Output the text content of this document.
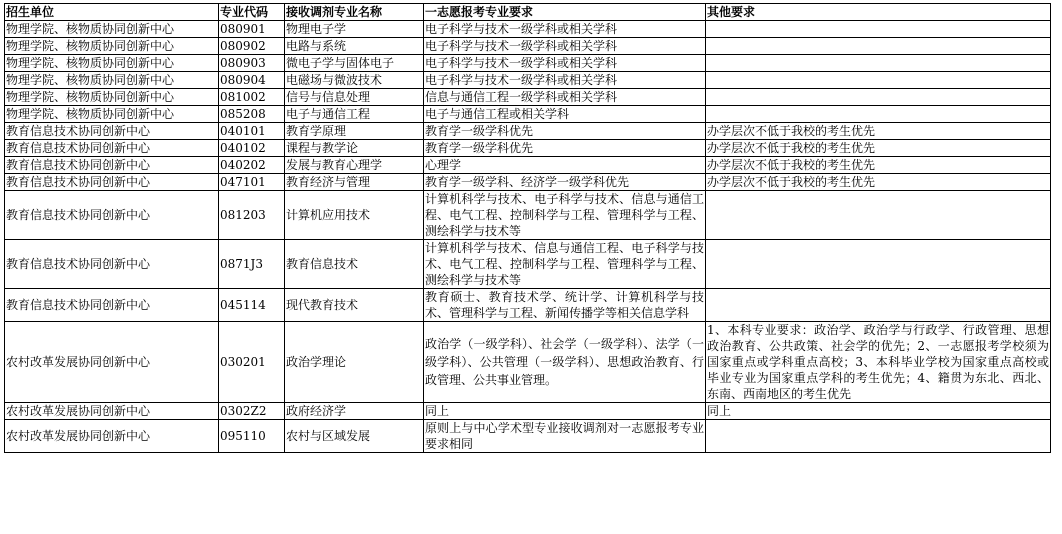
招生单位	专业代码	接收调剂专业名称	一志愿报考专业要求	其他要求
物理学院、核物质协同创新中心	080901	物理电子学	电子科学与技术一级学科或相关学科	
物理学院、核物质协同创新中心	080902	电路与系统	电子科学与技术一级学科或相关学科	
物理学院、核物质协同创新中心	080903	微电子学与固体电子	电子科学与技术一级学科或相关学科	
物理学院、核物质协同创新中心	080904	电磁场与微波技术	电子科学与技术一级学科或相关学科	
物理学院、核物质协同创新中心	081002	信号与信息处理	信息与通信工程一级学科或相关学科	
物理学院、核物质协同创新中心	085208	电子与通信工程	电子与通信工程或相关学科	
教育信息技术协同创新中心	040101	教育学原理	教育学一级学科优先	办学层次不低于我校的考生优先
教育信息技术协同创新中心	040102	课程与教学论	教育学一级学科优先	办学层次不低于我校的考生优先
教育信息技术协同创新中心	040202	发展与教育心理学	心理学	办学层次不低于我校的考生优先
教育信息技术协同创新中心	047101	教育经济与管理	教育学一级学科、经济学一级学科优先	办学层次不低于我校的考生优先
教育信息技术协同创新中心	081203	计算机应用技术	计算机科学与技术、电子科学与技术、信息与通信工程、电气工程、控制科学与工程、管理科学与工程、测绘科学与技术等	
教育信息技术协同创新中心	0871J3	教育信息技术	计算机科学与技术、信息与通信工程、电子科学与技术、电气工程、控制科学与工程、管理科学与工程、测绘科学与技术等	
教育信息技术协同创新中心	045114	现代教育技术	教育硕士、教育技术学、统计学、计算机科学与技术、管理科学与工程、新闻传播学等相关信息学科	
农村改革发展协同创新中心	030201	政治学理论	政治学（一级学科）、社会学（一级学科）、法学（一级学科）、公共管理（一级学科）、思想政治教育、行政管理、公共事业管理。	1、本科专业要求：政治学、政治学与行政学、行政管理、思想政治教育、公共政策、社会学的优先；2、一志愿报考学校须为国家重点或学科重点高校；3、本科毕业学校为国家重点高校或毕业专业为国家重点学科的考生优先；4、籍贯为东北、西北、东南、西南地区的考生优先
农村改革发展协同创新中心	0302Z2	政府经济学	同上	同上
农村改革发展协同创新中心	095110	农村与区域发展	原则上与中心学术型专业接收调剂对一志愿报考专业要求相同	
